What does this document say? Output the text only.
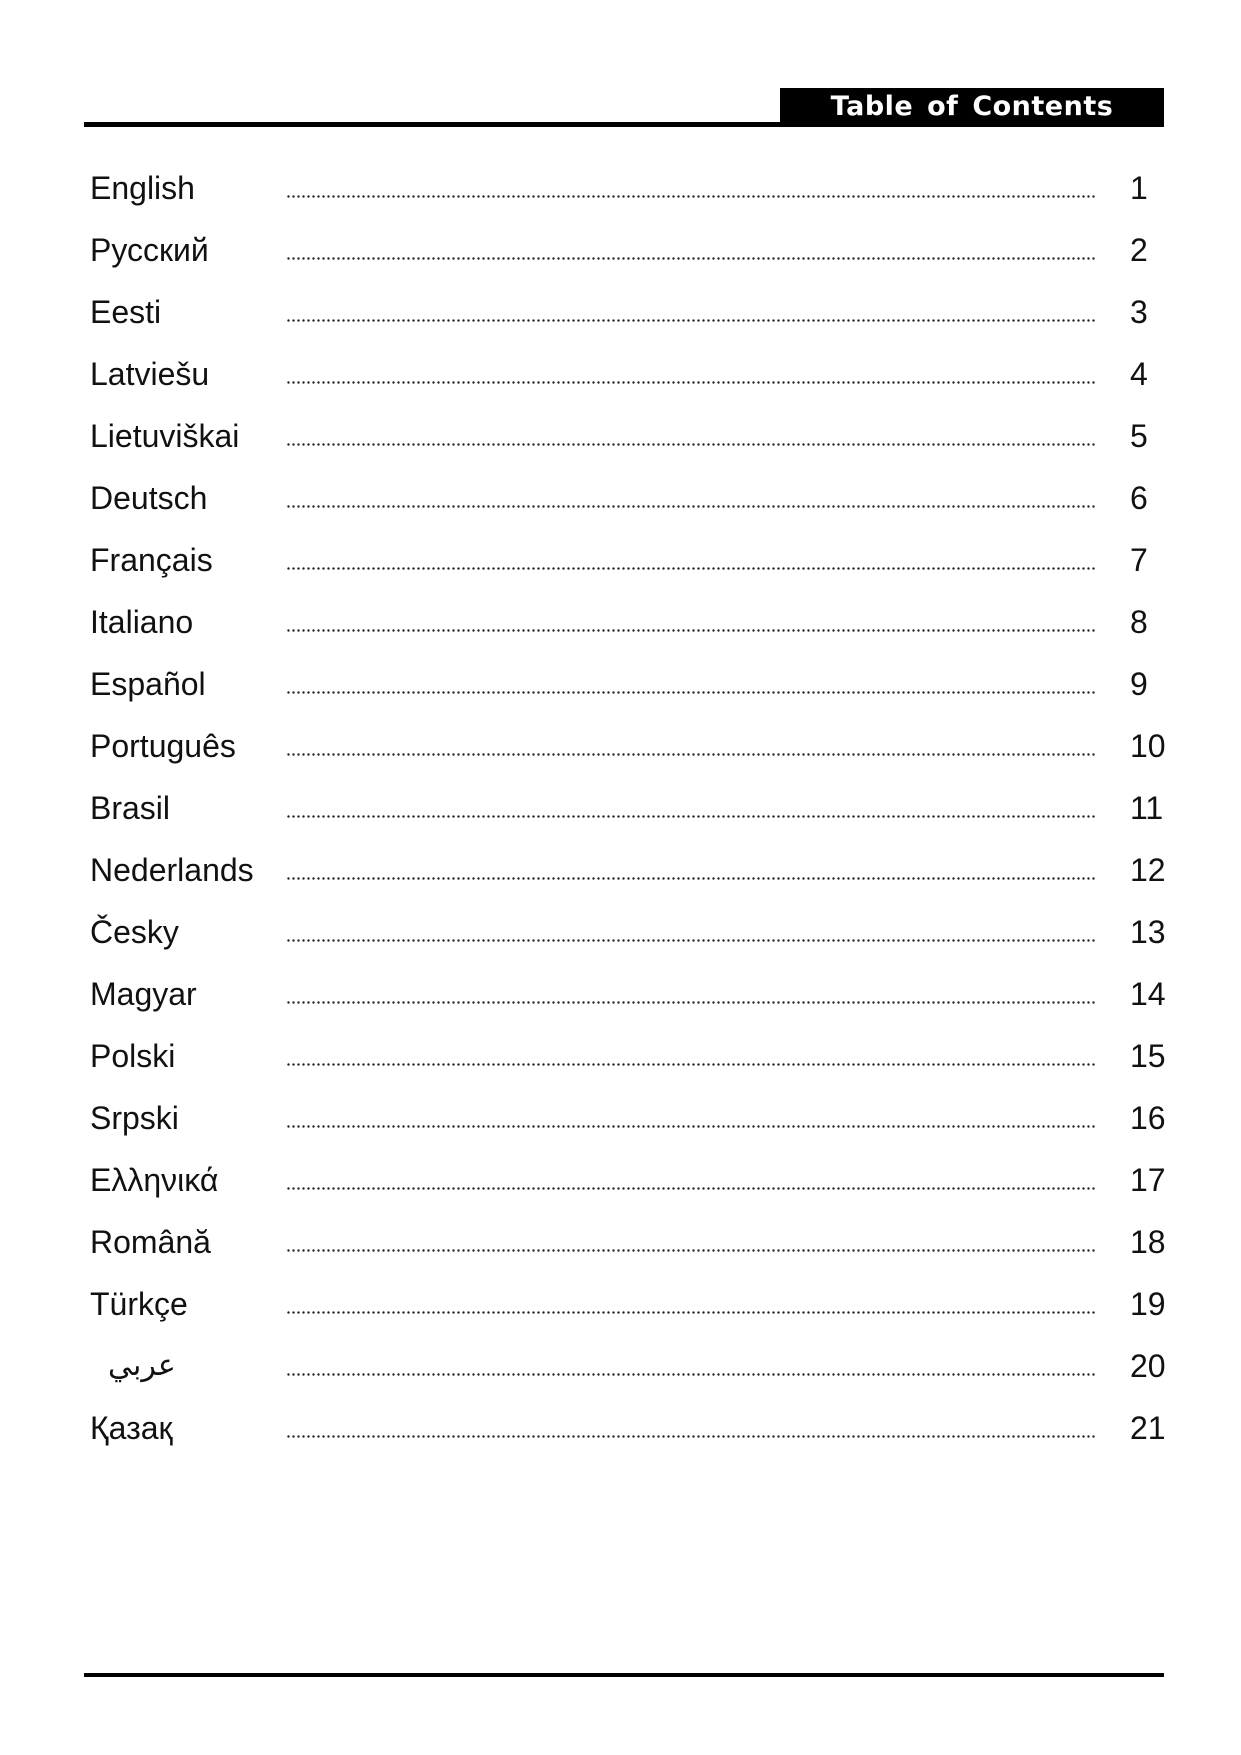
Table of Contents
English	1
Русский	2
Eesti	3
Latviešu	4
Lietuviškai	5
Deutsch	6
Français	7
Italiano	8
Español	9
Português	10
Brasil	11
Nederlands	12
Česky	13
Magyar	14
Polski	15
Srpski	16
Ελληνικά	17
Română	18
Türkçe	19
عربي	20
Қазақ	21
